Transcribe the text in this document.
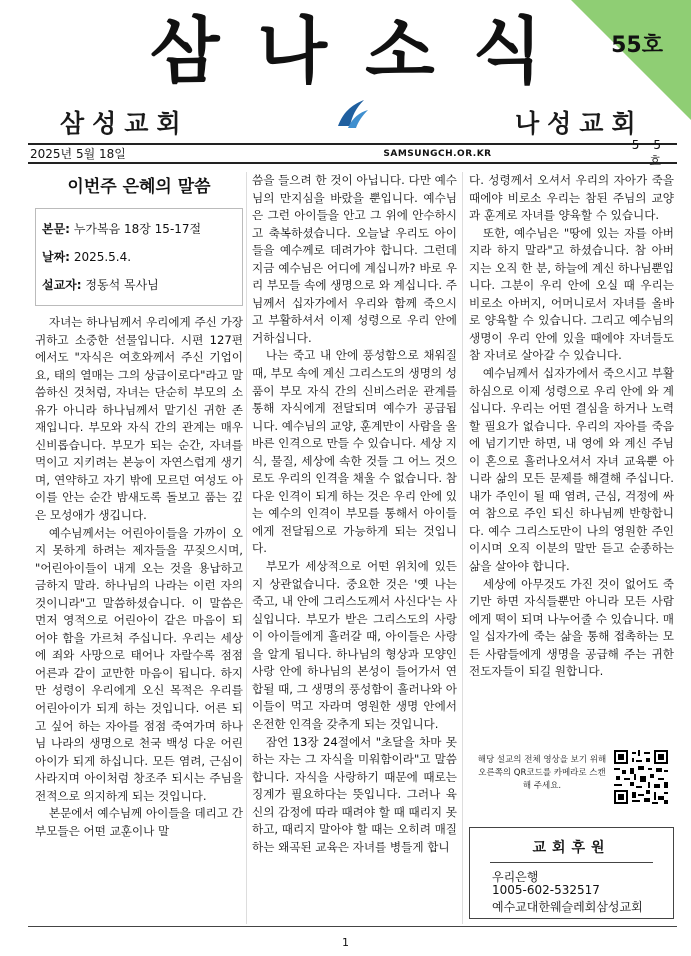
55호
삼나소식
삼성교회	나성교회
2025년 5월 18일	SAMSUNGCH.OR.KR
55 호
이번주 은혜의 말씀
본문: 누가복음 18장 15-17절
날짜: 2025.5.4.
설교자: 정동석 목사님

자녀는 하나님께서 우리에게 주신 가장 귀하고 소중한 선물입니다. 시편 127편에서도 "자식은 여호와께서 주신 기업이요, 태의 열매는 그의 상급이로다"라고 말씀하신 것처럼, 자녀는 단순히 부모의 소유가 아니라 하나님께서 맡기신 귀한 존재입니다. 부모와 자식 간의 관계는 매우 신비롭습니다. 부모가 되는 순간, 자녀를 먹이고 지키려는 본능이 자연스럽게 생기며, 연약하고 자기 밖에 모르던 여성도 아이를 안는 순간 밤새도록 돌보고 품는 깊은 모성애가 생깁니다.

예수님께서는 어린아이들을 가까이 오지 못하게 하려는 제자들을 꾸짖으시며, "어린아이들이 내게 오는 것을 용납하고 금하지 말라. 하나님의 나라는 이런 자의 것이니라"고 말씀하셨습니다. 이 말씀은 먼저 영적으로 어린아이 같은 마음이 되어야 함을 가르쳐 주십니다. 우리는 세상에 죄와 사망으로 태어나 자랄수록 점점 어른과 같이 교만한 마음이 됩니다. 하지만 성령이 우리에게 오신 목적은 우리를 어린아이가 되게 하는 것입니다. 어른 되고 싶어 하는 자아를 점점 죽여가며 하나님 나라의 생명으로 천국 백성 다운 어린아이가 되게 하십니다. 모든 염려, 근심이 사라지며 아이처럼 창조주 되시는 주님을 전적으로 의지하게 되는 것입니다.

본문에서 예수님께 아이들을 데리고 간 부모들은 어떤 교훈이나 말

씀을 들으려 한 것이 아닙니다. 다만 예수님의 만지심을 바랐을 뿐입니다. 예수님은 그런 아이들을 안고 그 위에 안수하시고 축복하셨습니다. 오늘날 우리도 아이들을 예수께로 데려가야 합니다. 그런데 지금 예수님은 어디에 계십니까? 바로 우리 부모들 속에 생명으로 와 계십니다. 주님께서 십자가에서 우리와 함께 죽으시고 부활하셔서 이제 성령으로 우리 안에 거하십니다.

나는 죽고 내 안에 풍성함으로 채워질 때, 부모 속에 계신 그리스도의 생명의 성품이 부모 자식 간의 신비스러운 관계를 통해 자식에게 전달되며 예수가 공급됩니다. 예수님의 교양, 훈계만이 사람을 올바른 인격으로 만들 수 있습니다. 세상 지식, 물질, 세상에 속한 것들 그 어느 것으로도 우리의 인격을 채울 수 없습니다. 참다운 인격이 되게 하는 것은 우리 안에 있는 예수의 인격이 부모를 통해서 아이들에게 전달됨으로 가능하게 되는 것입니다.

부모가 세상적으로 어떤 위치에 있든지 상관없습니다. 중요한 것은 '옛 나는 죽고, 내 안에 그리스도께서 사신다'는 사실입니다. 부모가 받은 그리스도의 사랑이 아이들에게 흘러갈 때, 아이들은 사랑을 알게 됩니다. 하나님의 형상과 모양인 사랑 안에 하나님의 본성이 들어가서 연합될 때, 그 생명의 풍성함이 흘러나와 아이들이 먹고 자라며 영원한 생명 안에서 온전한 인격을 갖추게 되는 것입니다.

잠언 13장 24절에서 "초달을 차마 못 하는 자는 그 자식을 미워함이라"고 말씀합니다. 자식을 사랑하기 때문에 때로는 징계가 필요하다는 뜻입니다. 그러나 육신의 감정에 따라 때려야 할 때 때리지 못하고, 때리지 말아야 할 때는 오히려 매질하는 왜곡된 교육은 자녀를 병들게 합니

다. 성령께서 오셔서 우리의 자아가 죽을 때에야 비로소 우리는 참된 주님의 교양과 훈계로 자녀를 양육할 수 있습니다.

또한, 예수님은 "땅에 있는 자를 아버지라 하지 말라"고 하셨습니다. 참 아버지는 오직 한 분, 하늘에 계신 하나님뿐입니다. 그분이 우리 안에 오실 때 우리는 비로소 아버지, 어머니로서 자녀를 올바로 양육할 수 있습니다. 그리고 예수님의 생명이 우리 안에 있을 때에야 자녀들도 참 자녀로 살아갈 수 있습니다.

예수님께서 십자가에서 죽으시고 부활하심으로 이제 성령으로 우리 안에 와 계십니다. 우리는 어떤 결심을 하거나 노력할 필요가 없습니다. 우리의 자아를 죽음에 넘기기만 하면, 내 영에 와 계신 주님이 혼으로 흘러나오셔서 자녀 교육뿐 아니라 삶의 모든 문제를 해결해 주십니다. 내가 주인이 될 때 염려, 근심, 걱정에 싸여 참으로 주인 되신 하나님께 반항합니다. 예수 그리스도만이 나의 영원한 주인이시며 오직 이분의 말만 듣고 순종하는 삶을 살아야 합니다.

세상에 아무것도 가진 것이 없어도 죽기만 하면 자식들뿐만 아니라 모든 사람에게 떡이 되며 나누어줄 수 있습니다. 매일 십자가에 죽는 삶을 통해 접촉하는 모든 사람들에게 생명을 공급해 주는 귀한 전도자들이 되길 원합니다.

해당 설교의 전체 영상을 보기 위해 오른쪽의 QR코드를 카메라로 스캔해 주세요.
교회후원
우리은행
1005-602-532517
예수교대한웨슬레회삼성교회
1
